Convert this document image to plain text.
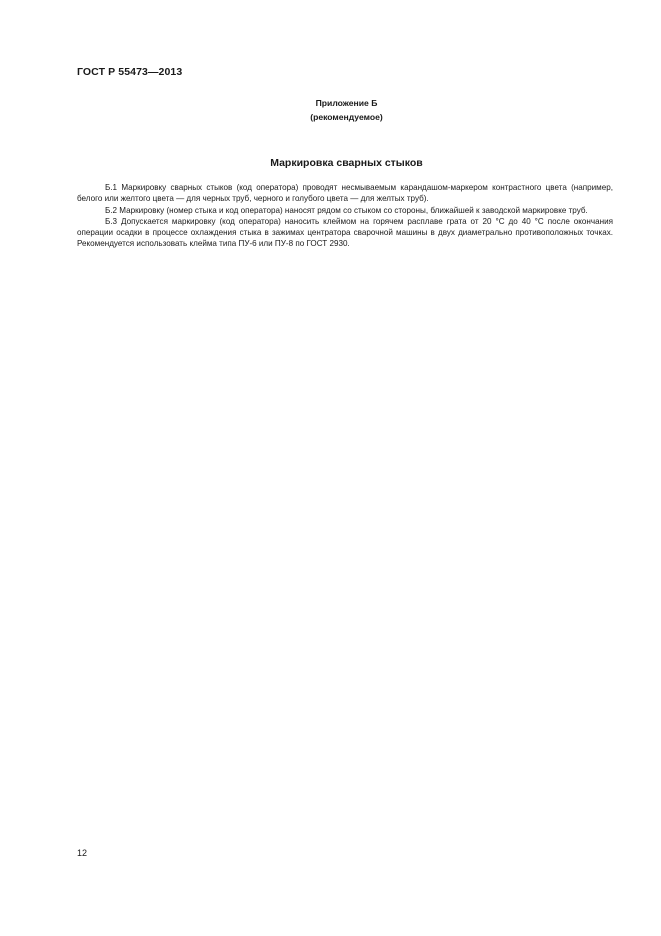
ГОСТ Р 55473—2013
Приложение Б
(рекомендуемое)
Маркировка сварных стыков

Б.1 Маркировку сварных стыков (код оператора) проводят несмываемым карандашом-маркером контрастного цвета (например, белого или желтого цвета — для черных труб, черного и голубого цвета — для желтых труб).

Б.2 Маркировку (номер стыка и код оператора) наносят рядом со стыком со стороны, ближайшей к заводской маркировке труб.

Б.3 Допускается маркировку (код оператора) наносить клеймом на горячем расплаве грата от 20 °С до 40 °С после окончания операции осадки в процессе охлаждения стыка в зажимах центратора сварочной машины в двух диаметрально противоположных точках. Рекомендуется использовать клейма типа ПУ-6 или ПУ-8 по ГОСТ 2930.

12
